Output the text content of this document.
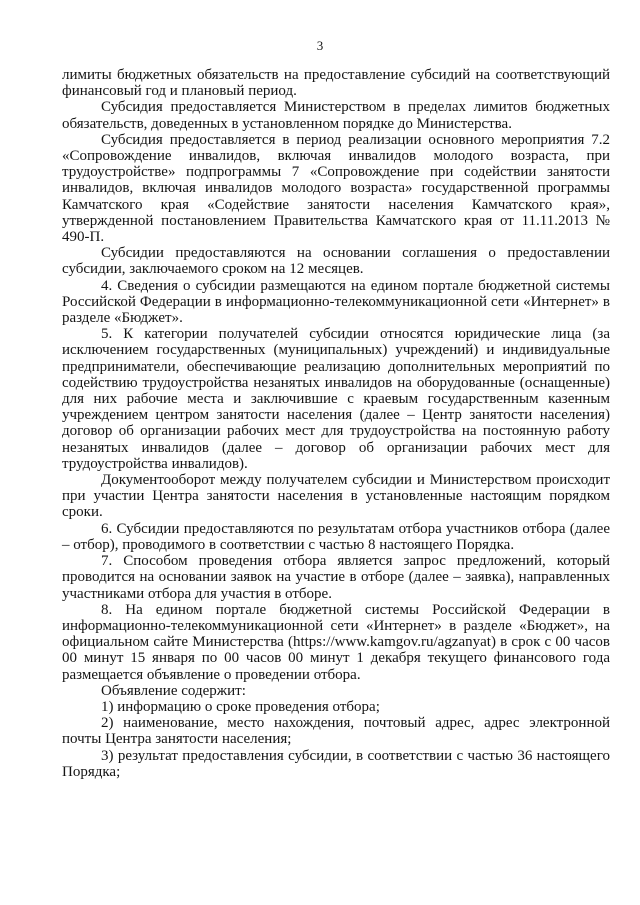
3

лимиты бюджетных обязательств на предоставление субсидий на соответствующий финансовый год и плановый период.

Субсидия предоставляется Министерством в пределах лимитов бюджетных обязательств, доведенных в установленном порядке до Министерства.

Субсидия предоставляется в период реализации основного мероприятия 7.2 «Сопровождение инвалидов, включая инвалидов молодого возраста, при трудоустройстве» подпрограммы 7 «Сопровождение при содействии занятости инвалидов, включая инвалидов молодого возраста» государственной программы Камчатского края «Содействие занятости населения Камчатского края», утвержденной постановлением Правительства Камчатского края от 11.11.2013 № 490-П.

Субсидии предоставляются на основании соглашения о предоставлении субсидии, заключаемого сроком на 12 месяцев.

4. Сведения о субсидии размещаются на едином портале бюджетной системы Российской Федерации в информационно-телекоммуникационной сети «Интернет» в разделе «Бюджет».

5. К категории получателей субсидии относятся юридические лица (за исключением государственных (муниципальных) учреждений) и индивидуальные предприниматели, обеспечивающие реализацию дополнительных мероприятий по содействию трудоустройства незанятых инвалидов на оборудованные (оснащенные) для них рабочие места и заключившие с краевым государственным казенным учреждением центром занятости населения (далее – Центр занятости населения) договор об организации рабочих мест для трудоустройства на постоянную работу незанятых инвалидов (далее – договор об организации рабочих мест для трудоустройства инвалидов).

Документооборот между получателем субсидии и Министерством происходит при участии Центра занятости населения в установленные настоящим порядком сроки.

6. Субсидии предоставляются по результатам отбора участников отбора (далее – отбор), проводимого в соответствии с частью 8 настоящего Порядка.

7. Способом проведения отбора является запрос предложений, который проводится на основании заявок на участие в отборе (далее – заявка), направленных участниками отбора для участия в отборе.

8. На едином портале бюджетной системы Российской Федерации в информационно-телекоммуникационной сети «Интернет» в разделе «Бюджет», на официальном сайте Министерства (https://www.kamgov.ru/agzanyat) в срок с 00 часов 00 минут 15 января по 00 часов 00 минут 1 декабря текущего финансового года размещается объявление о проведении отбора.

Объявление содержит:

1) информацию о сроке проведения отбора;

2) наименование, место нахождения, почтовый адрес, адрес электронной почты Центра занятости населения;

3) результат предоставления субсидии, в соответствии с частью 36 настоящего Порядка;
